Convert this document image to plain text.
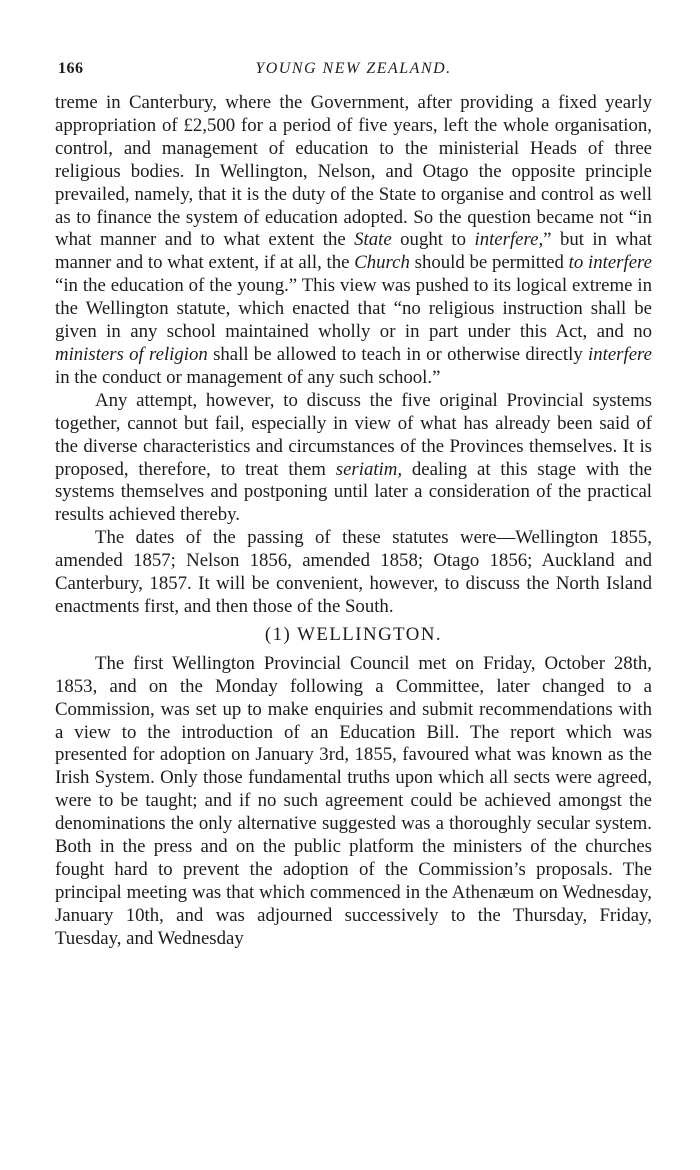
166	YOUNG NEW ZEALAND.

treme in Canterbury, where the Government, after providing a fixed yearly appropriation of £2,500 for a period of five years, left the whole organisation, control, and management of education to the ministerial Heads of three religious bodies. In Wellington, Nelson, and Otago the opposite principle prevailed, namely, that it is the duty of the State to organise and control as well as to finance the system of education adopted. So the question became not “in what manner and to what extent the State ought to interfere,” but in what manner and to what extent, if at all, the Church should be permitted to interfere “in the education of the young.” This view was pushed to its logical extreme in the Wellington statute, which enacted that “no religious instruction shall be given in any school maintained wholly or in part under this Act, and no ministers of religion shall be allowed to teach in or otherwise directly interfere in the conduct or management of any such school.”

Any attempt, however, to discuss the five original Provincial systems together, cannot but fail, especially in view of what has already been said of the diverse characteristics and circumstances of the Provinces themselves. It is proposed, therefore, to treat them seriatim, dealing at this stage with the systems themselves and postponing until later a consideration of the practical results achieved thereby.

The dates of the passing of these statutes were—Wellington 1855, amended 1857; Nelson 1856, amended 1858; Otago 1856; Auckland and Canterbury, 1857. It will be convenient, however, to discuss the North Island enactments first, and then those of the South.

(1) WELLINGTON.

The first Wellington Provincial Council met on Friday, October 28th, 1853, and on the Monday following a Committee, later changed to a Commission, was set up to make enquiries and submit recommendations with a view to the introduction of an Education Bill. The report which was presented for adoption on January 3rd, 1855, favoured what was known as the Irish System. Only those fundamental truths upon which all sects were agreed, were to be taught; and if no such agreement could be achieved amongst the denominations the only alternative suggested was a thoroughly secular system. Both in the press and on the public platform the ministers of the churches fought hard to prevent the adoption of the Commission’s proposals. The principal meeting was that which commenced in the Athenæum on Wednesday, January 10th, and was adjourned successively to the Thursday, Friday, Tuesday, and Wednesday
